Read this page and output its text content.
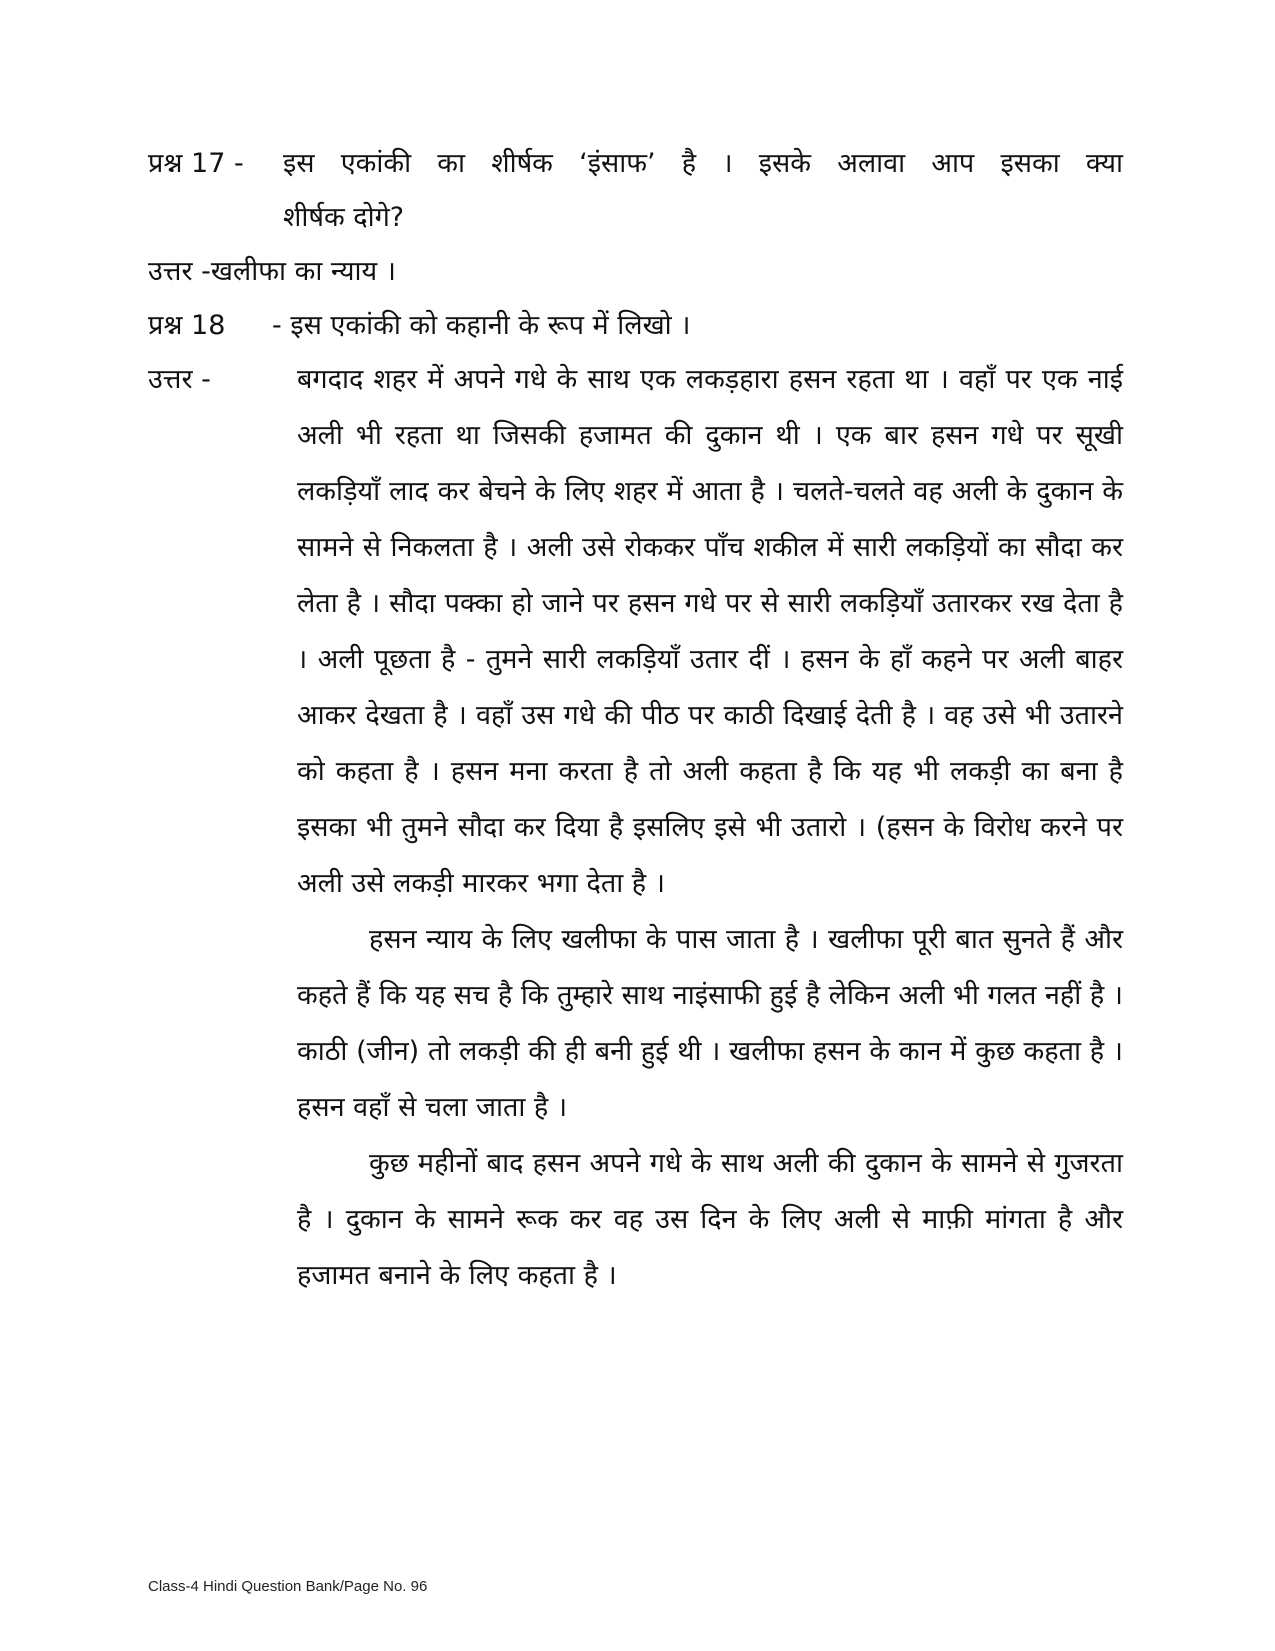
प्रश्न 17 - इस एकांकी का शीर्षक ‘इंसाफ’ है । इसके अलावा आप इसका क्या
शीर्षक दोगे?
उत्तर -खलीफा का न्याय ।
प्रश्न 18 - इस एकांकी को कहानी के रूप में लिखो ।
उत्तर -	बगदाद शहर में अपने गधे के साथ एक लकड़हारा हसन रहता था । वहाँ पर एक नाई अली भी रहता था जिसकी हजामत की दुकान थी । एक बार हसन गधे पर सूखी लकड़ियाँ लाद कर बेचने के लिए शहर में आता है । चलते-चलते वह अली के दुकान के सामने से निकलता है । अली उसे रोककर पाँच शकील में सारी लकड़ियों का सौदा कर लेता है । सौदा पक्का हो जाने पर हसन गधे पर से सारी लकड़ियाँ उतारकर रख देता है । अली पूछता है - तुमने सारी लकड़ियाँ उतार दीं । हसन के हाँ कहने पर अली बाहर आकर देखता है । वहाँ उस गधे की पीठ पर काठी दिखाई देती है । वह उसे भी उतारने को कहता है । हसन मना करता है तो अली कहता है कि यह भी लकड़ी का बना है इसका भी तुमने सौदा कर दिया है इसलिए इसे भी उतारो । (हसन के विरोध करने पर अली उसे लकड़ी मारकर भगा देता है ।

हसन न्याय के लिए खलीफा के पास जाता है । खलीफा पूरी बात सुनते हैं और कहते हैं कि यह सच है कि तुम्हारे साथ नाइंसाफी हुई है लेकिन अली भी गलत नहीं है । काठी (जीन) तो लकड़ी की ही बनी हुई थी । खलीफा हसन के कान में कुछ कहता है । हसन वहाँ से चला जाता है ।

कुछ महीनों बाद हसन अपने गधे के साथ अली की दुकान के सामने से गुजरता है । दुकान के सामने रूक कर वह उस दिन के लिए अली से माफ़ी मांगता है और हजामत बनाने के लिए कहता है ।

Class-4 Hindi Question Bank/Page No. 96
